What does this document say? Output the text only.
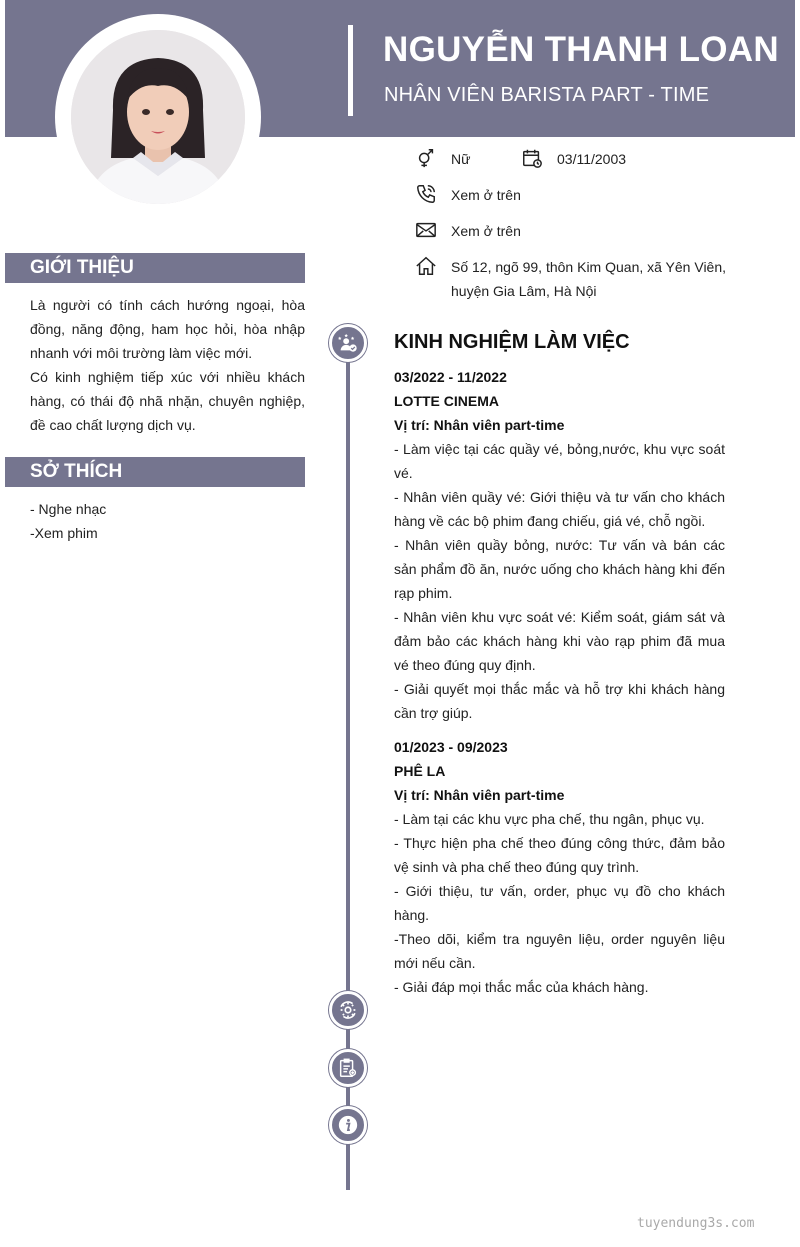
NGUYỄN THANH LOAN
NHÂN VIÊN BARISTA PART - TIME
Nữ	03/11/2003
Xem ở trên
Xem ở trên
Số 12, ngõ 99, thôn Kim Quan, xã Yên Viên, huyện Gia Lâm, Hà Nội
GIỚI THIỆU

Là người có tính cách hướng ngoại, hòa đồng, năng động, ham học hỏi, hòa nhập nhanh với môi trường làm việc mới.

Có kinh nghiệm tiếp xúc với nhiều khách hàng, có thái độ nhã nhặn, chuyên nghiệp, đề cao chất lượng dịch vụ.

SỞ THÍCH
- Nghe nhạc
-Xem phim
KINH NGHIỆM LÀM VIỆC
03/2022 - 11/2022
LOTTE CINEMA
Vị trí: Nhân viên part-time
- Làm việc tại các quầy vé, bỏng,nước, khu vực soát vé.
- Nhân viên quầy vé: Giới thiệu và tư vấn cho khách hàng về các bộ phim đang chiếu, giá vé, chỗ ngồi.
- Nhân viên quầy bỏng, nước: Tư vấn và bán các sản phẩm đồ ăn, nước uống cho khách hàng khi đến rạp phim.
- Nhân viên khu vực soát vé: Kiểm soát, giám sát và đảm bảo các khách hàng khi vào rạp phim đã mua vé theo đúng quy định.
- Giải quyết mọi thắc mắc và hỗ trợ khi khách hàng cần trợ giúp.
01/2023 - 09/2023
PHÊ LA
Vị trí: Nhân viên part-time
- Làm tại các khu vực pha chế, thu ngân, phục vụ.
- Thực hiện pha chế theo đúng công thức, đảm bảo vệ sinh và pha chế theo đúng quy trình.
- Giới thiệu, tư vấn, order, phục vụ đồ cho khách hàng.
-Theo dõi, kiểm tra nguyên liệu, order nguyên liệu mới nếu cần.
- Giải đáp mọi thắc mắc của khách hàng.
tuyendung3s.com
